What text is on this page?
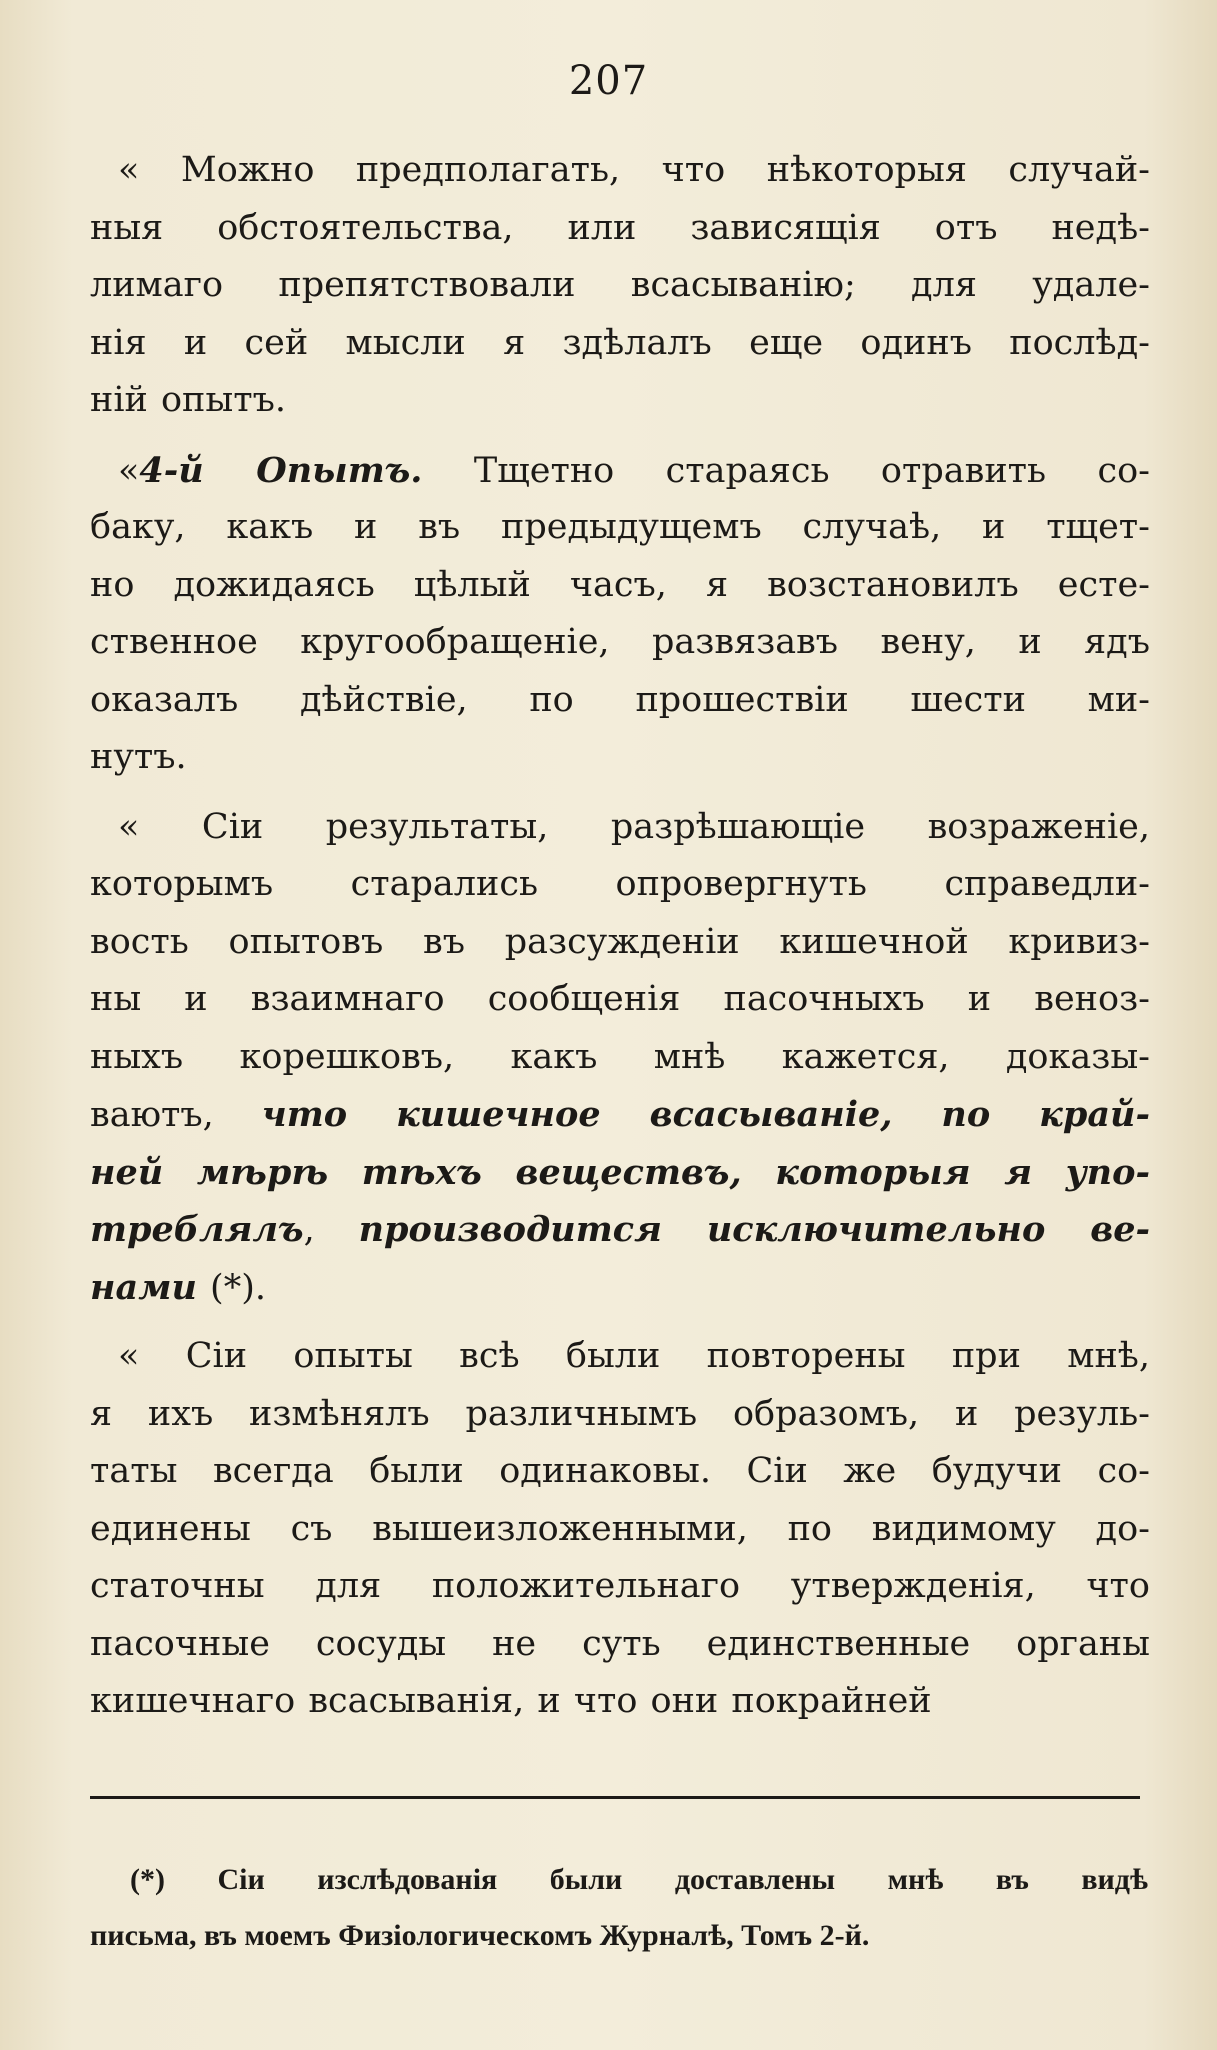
207
« Можно предполагать, что нѣкоторыя случай-
ныя обстоятельства, или зависящія отъ недѣ-
лимаго препятствовали всасыванію; для удале-
нія и сей мысли я здѣлалъ еще одинъ послѣд-
ній опытъ.
«4-й Опытъ. Тщетно стараясь отравить со-
баку, какъ и въ предыдущемъ случаѣ, и тщет-
но дожидаясь цѣлый часъ, я возстановилъ есте-
ственное кругообращеніе, развязавъ вену, и ядъ
оказалъ дѣйствіе, по прошествіи шести ми-
нутъ.
« Сіи результаты, разрѣшающіе возраженіе,
которымъ старались опровергнуть справедли-
вость опытовъ въ разсужденіи кишечной кривиз-
ны и взаимнаго сообщенія пасочныхъ и веноз-
ныхъ корешковъ, какъ мнѣ кажется, доказы-
ваютъ, что кишечное всасываніе, по край-
ней мѣрѣ тѣхъ веществъ, которыя я упо-
треблялъ, производится исключительно ве-
нами (*).
« Сіи опыты всѣ были повторены при мнѣ,
я ихъ измѣнялъ различнымъ образомъ, и резуль-
таты всегда были одинаковы. Сіи же будучи со-
единены съ вышеизложенными, по видимому до-
статочны для положительнаго утвержденія, что
пасочные сосуды не суть единственные органы
кишечнаго всасыванія, и что они покрайней
(*) Сіи изслѣдованія были доставлены мнѣ въ видѣ
письма, въ моемъ Физіологическомъ Журналѣ, Томъ 2-й.
